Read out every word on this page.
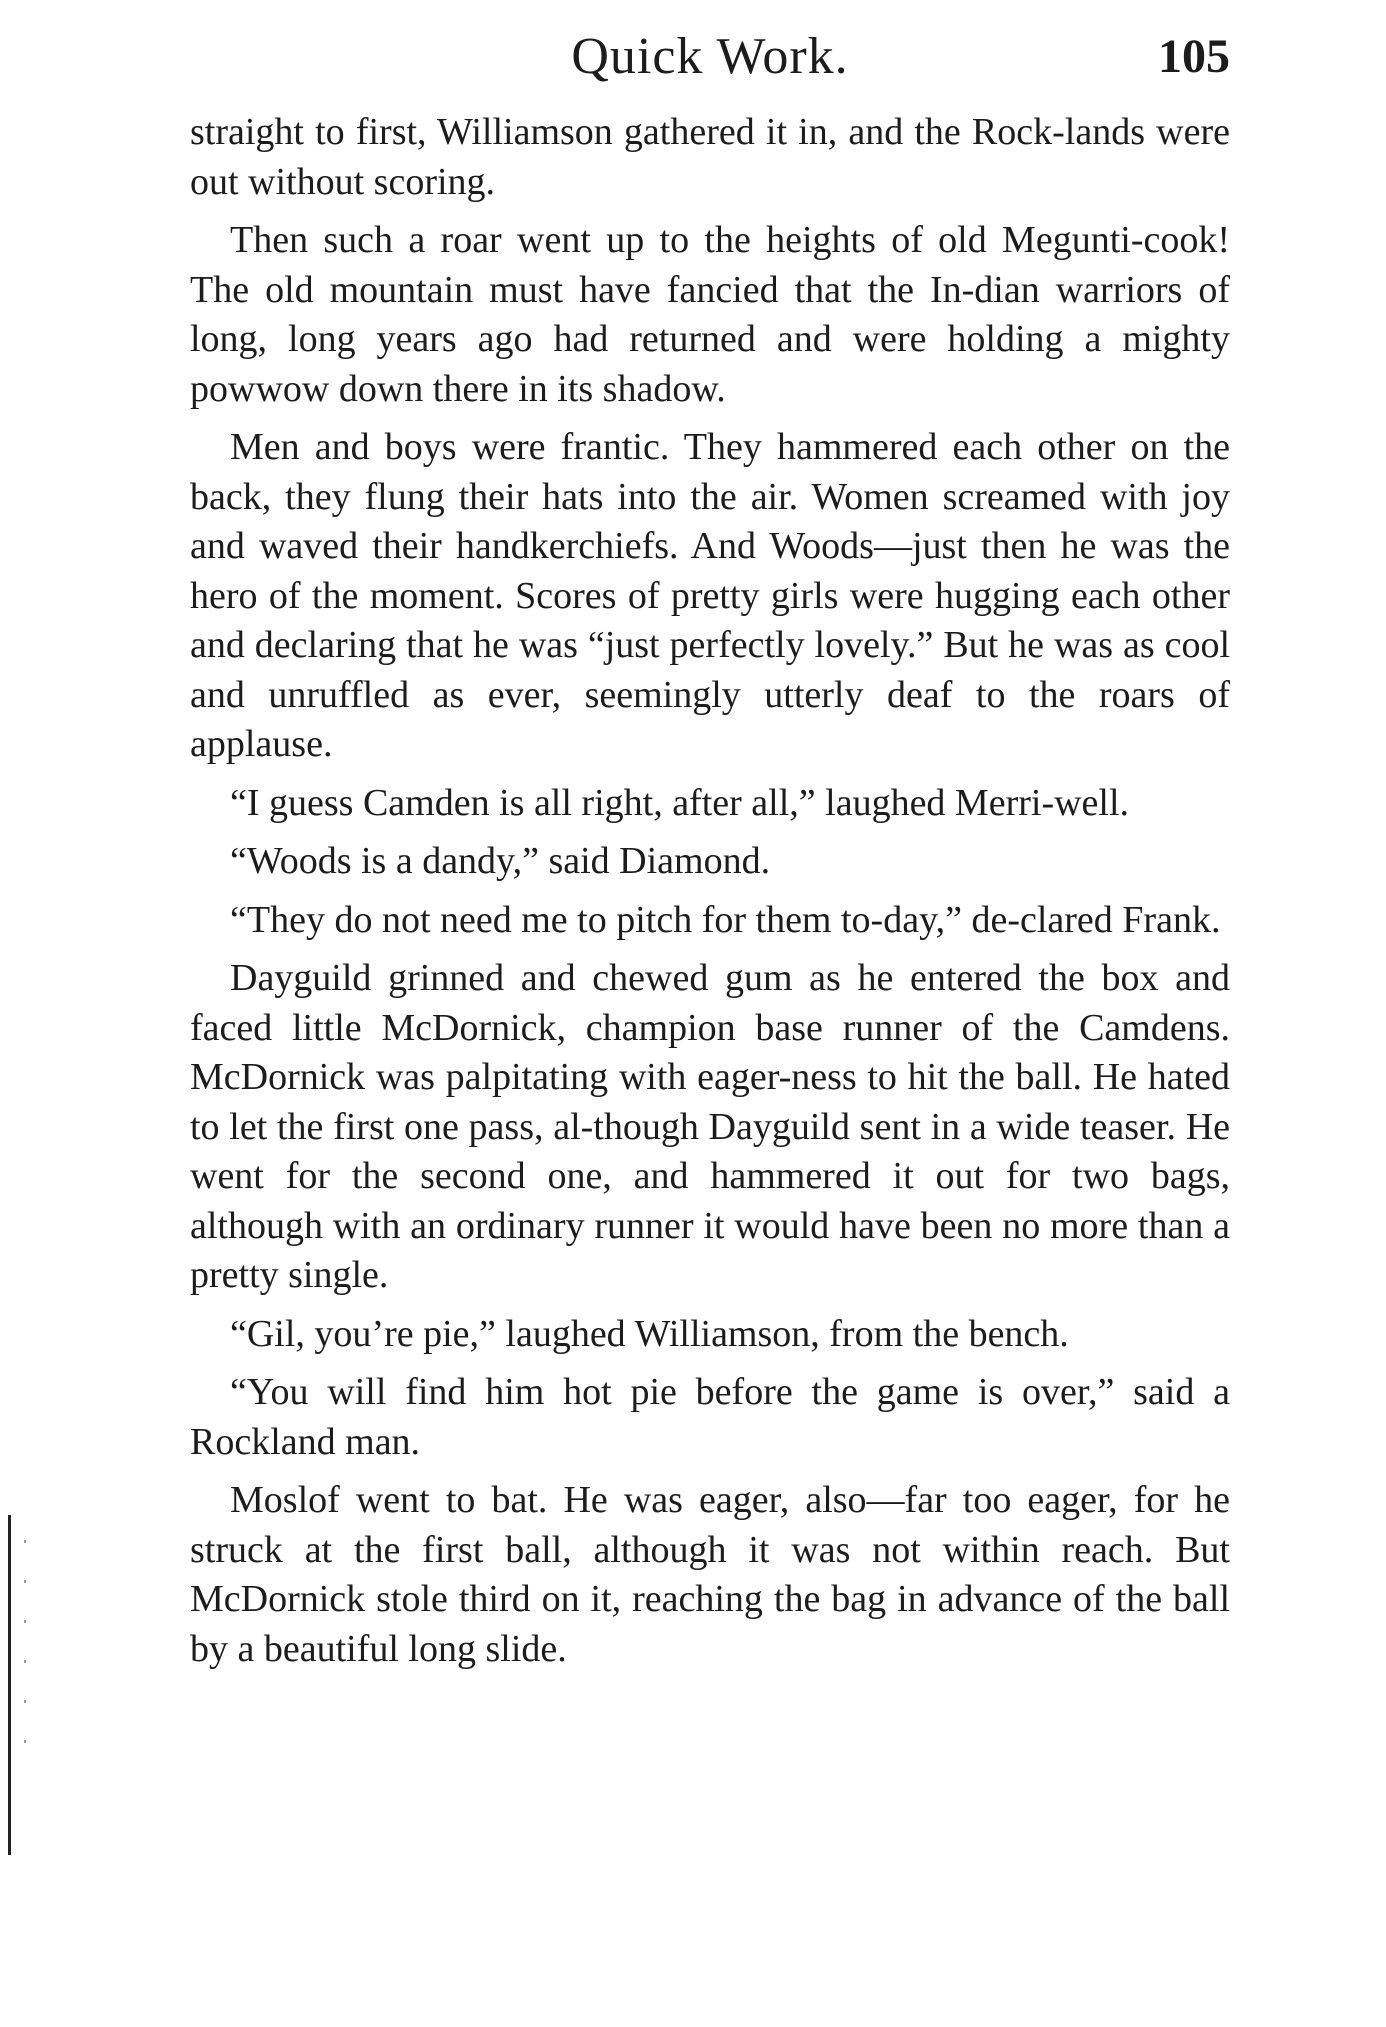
Quick Work.	105

straight to first, Williamson gathered it in, and the Rock-lands were out without scoring.

Then such a roar went up to the heights of old Megunti-cook! The old mountain must have fancied that the In-dian warriors of long, long years ago had returned and were holding a mighty powwow down there in its shadow.

Men and boys were frantic. They hammered each other on the back, they flung their hats into the air. Women screamed with joy and waved their handkerchiefs. And Woods—just then he was the hero of the moment. Scores of pretty girls were hugging each other and declaring that he was “just perfectly lovely.” But he was as cool and unruffled as ever, seemingly utterly deaf to the roars of applause.

“I guess Camden is all right, after all,” laughed Merri-well.

“Woods is a dandy,” said Diamond.

“They do not need me to pitch for them to-day,” de-clared Frank.

Dayguild grinned and chewed gum as he entered the box and faced little McDornick, champion base runner of the Camdens. McDornick was palpitating with eager-ness to hit the ball. He hated to let the first one pass, al-though Dayguild sent in a wide teaser. He went for the second one, and hammered it out for two bags, although with an ordinary runner it would have been no more than a pretty single.

“Gil, you’re pie,” laughed Williamson, from the bench.

“You will find him hot pie before the game is over,” said a Rockland man.

Moslof went to bat. He was eager, also—far too eager, for he struck at the first ball, although it was not within reach. But McDornick stole third on it, reaching the bag in advance of the ball by a beautiful long slide.
